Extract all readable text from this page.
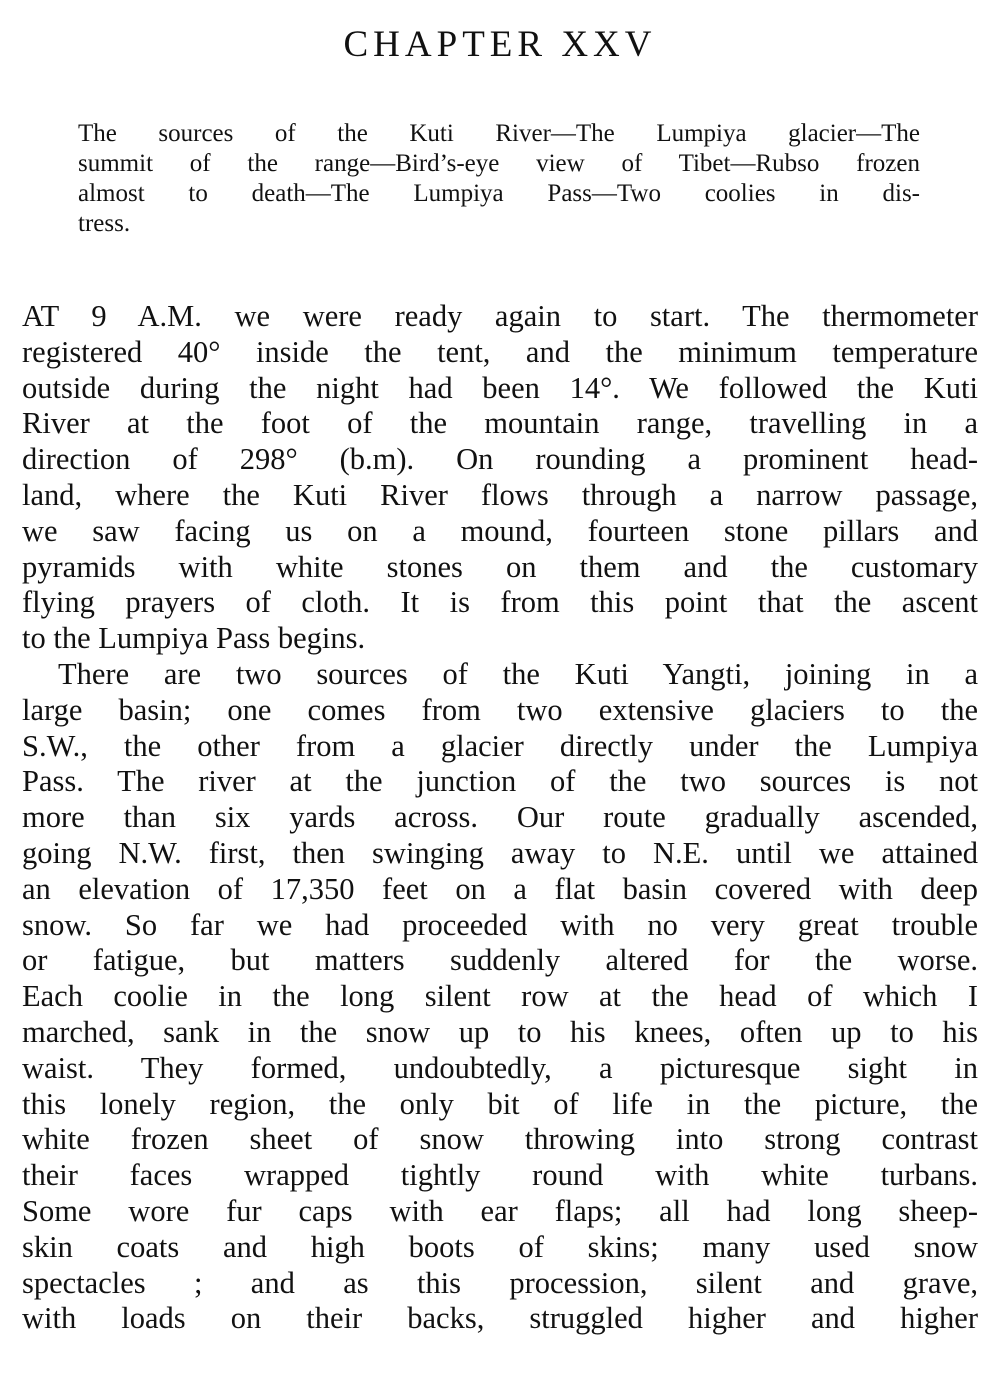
CHAPTER XXV
The sources of the Kuti River—The Lumpiya glacier—The
summit of the range—Bird’s-eye view of Tibet—Rubso frozen
almost to death—The Lumpiya Pass—Two coolies in dis-
tress.
AT 9 A.M. we were ready again to start. The thermometer
registered 40° inside the tent, and the minimum temperature
outside during the night had been 14°. We followed the Kuti
River at the foot of the mountain range, travelling in a
direction of 298° (b.m). On rounding a prominent head-
land, where the Kuti River flows through a narrow passage,
we saw facing us on a mound, fourteen stone pillars and
pyramids with white stones on them and the customary
flying prayers of cloth. It is from this point that the ascent
to the Lumpiya Pass begins.
There are two sources of the Kuti Yangti, joining in a
large basin; one comes from two extensive glaciers to the
S.W., the other from a glacier directly under the Lumpiya
Pass. The river at the junction of the two sources is not
more than six yards across. Our route gradually ascended,
going N.W. first, then swinging away to N.E. until we attained
an elevation of 17,350 feet on a flat basin covered with deep
snow. So far we had proceeded with no very great trouble
or fatigue, but matters suddenly altered for the worse.
Each coolie in the long silent row at the head of which I
marched, sank in the snow up to his knees, often up to his
waist. They formed, undoubtedly, a picturesque sight in
this lonely region, the only bit of life in the picture, the
white frozen sheet of snow throwing into strong contrast
their faces wrapped tightly round with white turbans.
Some wore fur caps with ear flaps; all had long sheep-
skin coats and high boots of skins; many used snow
spectacles ; and as this procession, silent and grave,
with loads on their backs, struggled higher and higher
